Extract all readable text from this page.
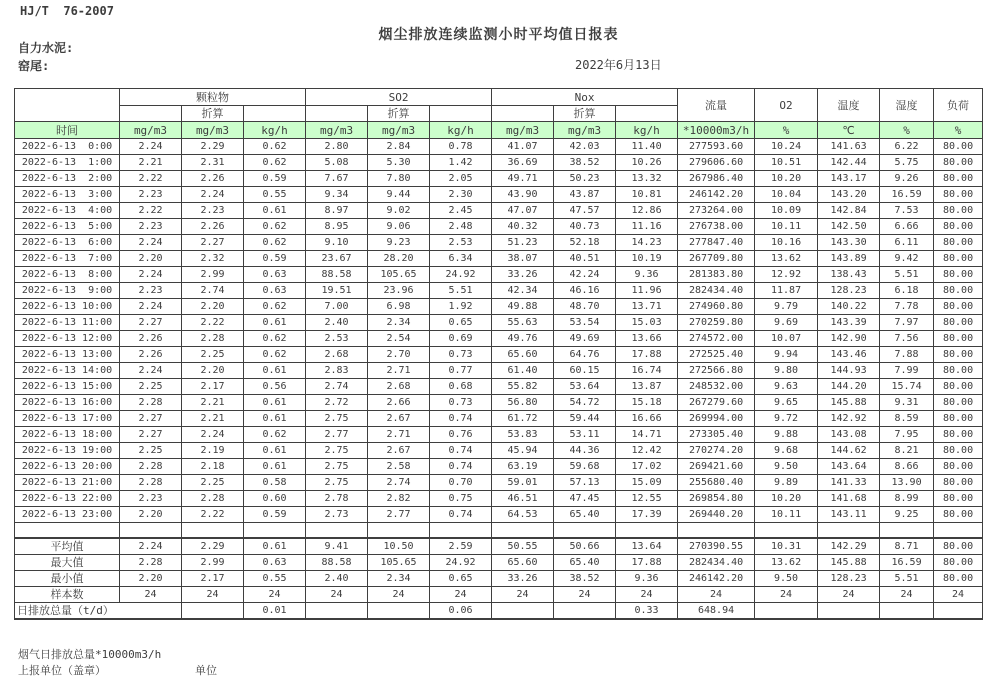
HJ/T  76-2007
烟尘排放连续监测小时平均值日报表
自力水泥:
窑尾:	2022年6月13日
	颗粒物			SO2			Nox			流量	O2	温度	湿度	负荷
		折算			折算			折算						
时间	mg/m3	mg/m3	kg/h	mg/m3	mg/m3	kg/h	mg/m3	mg/m3	kg/h	*10000m3/h	%	℃	%	%
2022-6-13  0:00	2.24	2.29	0.62	2.80	2.84	0.78	41.07	42.03	11.40	277593.60	10.24	141.63	6.22	80.00
2022-6-13  1:00	2.21	2.31	0.62	5.08	5.30	1.42	36.69	38.52	10.26	279606.60	10.51	142.44	5.75	80.00
2022-6-13  2:00	2.22	2.26	0.59	7.67	7.80	2.05	49.71	50.23	13.32	267986.40	10.20	143.17	9.26	80.00
2022-6-13  3:00	2.23	2.24	0.55	9.34	9.44	2.30	43.90	43.87	10.81	246142.20	10.04	143.20	16.59	80.00
2022-6-13  4:00	2.22	2.23	0.61	8.97	9.02	2.45	47.07	47.57	12.86	273264.00	10.09	142.84	7.53	80.00
2022-6-13  5:00	2.23	2.26	0.62	8.95	9.06	2.48	40.32	40.73	11.16	276738.00	10.11	142.50	6.66	80.00
2022-6-13  6:00	2.24	2.27	0.62	9.10	9.23	2.53	51.23	52.18	14.23	277847.40	10.16	143.30	6.11	80.00
2022-6-13  7:00	2.20	2.32	0.59	23.67	28.20	6.34	38.07	40.51	10.19	267709.80	13.62	143.89	9.42	80.00
2022-6-13  8:00	2.24	2.99	0.63	88.58	105.65	24.92	33.26	42.24	9.36	281383.80	12.92	138.43	5.51	80.00
2022-6-13  9:00	2.23	2.74	0.63	19.51	23.96	5.51	42.34	46.16	11.96	282434.40	11.87	128.23	6.18	80.00
2022-6-13 10:00	2.24	2.20	0.62	7.00	6.98	1.92	49.88	48.70	13.71	274960.80	9.79	140.22	7.78	80.00
2022-6-13 11:00	2.27	2.22	0.61	2.40	2.34	0.65	55.63	53.54	15.03	270259.80	9.69	143.39	7.97	80.00
2022-6-13 12:00	2.26	2.28	0.62	2.53	2.54	0.69	49.76	49.69	13.66	274572.00	10.07	142.90	7.56	80.00
2022-6-13 13:00	2.26	2.25	0.62	2.68	2.70	0.73	65.60	64.76	17.88	272525.40	9.94	143.46	7.88	80.00
2022-6-13 14:00	2.24	2.20	0.61	2.83	2.71	0.77	61.40	60.15	16.74	272566.80	9.80	144.93	7.99	80.00
2022-6-13 15:00	2.25	2.17	0.56	2.74	2.68	0.68	55.82	53.64	13.87	248532.00	9.63	144.20	15.74	80.00
2022-6-13 16:00	2.28	2.21	0.61	2.72	2.66	0.73	56.80	54.72	15.18	267279.60	9.65	145.88	9.31	80.00
2022-6-13 17:00	2.27	2.21	0.61	2.75	2.67	0.74	61.72	59.44	16.66	269994.00	9.72	142.92	8.59	80.00
2022-6-13 18:00	2.27	2.24	0.62	2.77	2.71	0.76	53.83	53.11	14.71	273305.40	9.88	143.08	7.95	80.00
2022-6-13 19:00	2.25	2.19	0.61	2.75	2.67	0.74	45.94	44.36	12.42	270274.20	9.68	144.62	8.21	80.00
2022-6-13 20:00	2.28	2.18	0.61	2.75	2.58	0.74	63.19	59.68	17.02	269421.60	9.50	143.64	8.66	80.00
2022-6-13 21:00	2.28	2.25	0.58	2.75	2.74	0.70	59.01	57.13	15.09	255680.40	9.89	141.33	13.90	80.00
2022-6-13 22:00	2.23	2.28	0.60	2.78	2.82	0.75	46.51	47.45	12.55	269854.80	10.20	141.68	8.99	80.00
2022-6-13 23:00	2.20	2.22	0.59	2.73	2.77	0.74	64.53	65.40	17.39	269440.20	10.11	143.11	9.25	80.00

平均值	2.24	2.29	0.61	9.41	10.50	2.59	50.55	50.66	13.64	270390.55	10.31	142.29	8.71	80.00
最大值	2.28	2.99	0.63	88.58	105.65	24.92	65.60	65.40	17.88	282434.40	13.62	145.88	16.59	80.00
最小值	2.20	2.17	0.55	2.40	2.34	0.65	33.26	38.52	9.36	246142.20	9.50	128.23	5.51	80.00
样本数	24	24	24	24	24	24	24	24	24	24	24	24	24	24
日排放总量（t/d）			0.01			0.06			0.33	648.94				
烟气日排放总量*10000m3/h
上报单位（盖章）	单位
